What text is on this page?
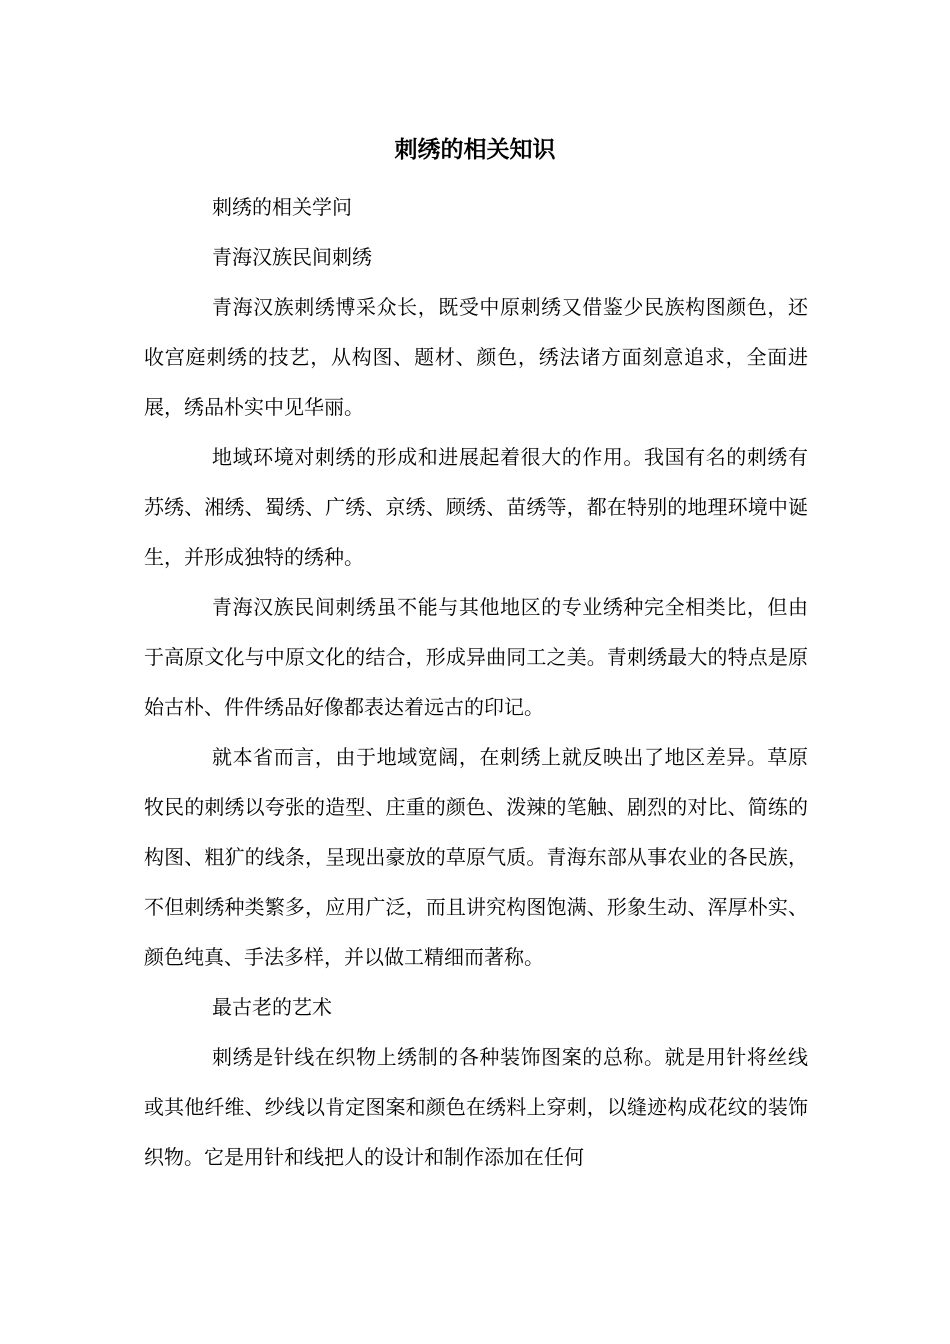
刺绣的相关知识

刺绣的相关学问

青海汉族民间刺绣

青海汉族刺绣博采众长，既受中原刺绣又借鉴少民族构图颜色，还收宫庭刺绣的技艺，从构图、题材、颜色，绣法诸方面刻意追求，全面进展，绣品朴实中见华丽。

地域环境对刺绣的形成和进展起着很大的作用。我国有名的刺绣有苏绣、湘绣、蜀绣、广绣、京绣、顾绣、苗绣等，都在特别的地理环境中诞生，并形成独特的绣种。

青海汉族民间刺绣虽不能与其他地区的专业绣种完全相类比，但由于高原文化与中原文化的结合，形成异曲同工之美。青刺绣最大的特点是原始古朴、件件绣品好像都表达着远古的印记。

就本省而言，由于地域宽阔，在刺绣上就反映出了地区差异。草原牧民的刺绣以夸张的造型、庄重的颜色、泼辣的笔触、剧烈的对比、简练的构图、粗犷的线条，呈现出豪放的草原气质。青海东部从事农业的各民族，不但刺绣种类繁多，应用广泛，而且讲究构图饱满、形象生动、浑厚朴实、颜色纯真、手法多样，并以做工精细而著称。

最古老的艺术

刺绣是针线在织物上绣制的各种装饰图案的总称。就是用针将丝线或其他纤维、纱线以肯定图案和颜色在绣料上穿刺，以缝迹构成花纹的装饰织物。它是用针和线把人的设计和制作添加在任何
